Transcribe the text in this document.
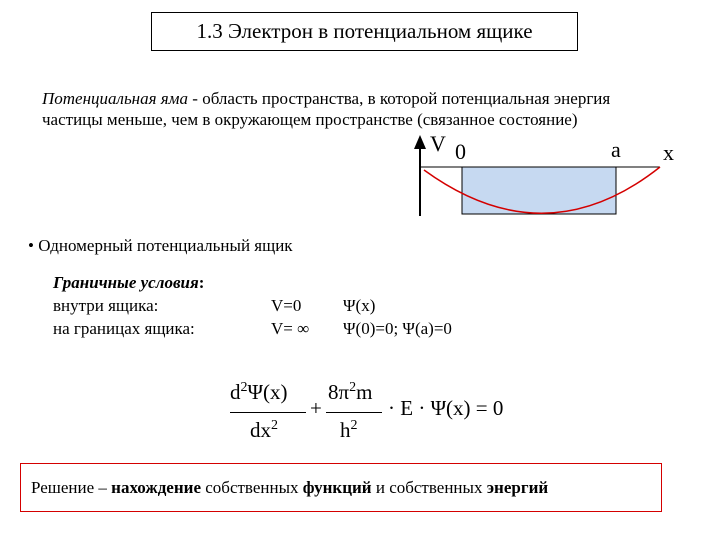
1.3 Электрон в потенциальном ящике
Потенциальная яма - область пространства, в которой потенциальная энергия частицы меньше, чем в окружающем пространстве (связанное состояние)
V 0	a x
• Одномерный потенциальный ящик
Граничные условия:
внутри ящика:	V=0 Ψ(x)
на границах ящика:	V= ∞ Ψ(0)=0; Ψ(a)=0
$d^2\Psi(x)$
$dx^2$
+
$8\pi^2m$
$h^2$
· E · Ψ(x) = 0
Решение – нахождение собственных функций и собственных энергий
